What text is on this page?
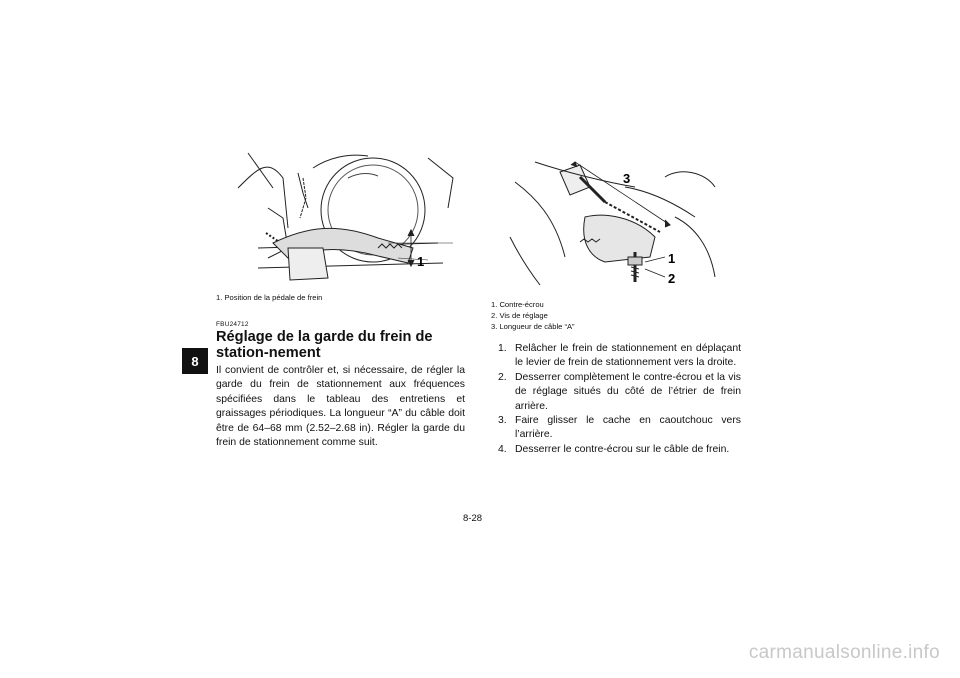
8
1
1. Position de la pédale de frein
3
1
2
1. Contre-écrou
2. Vis de réglage
3. Longueur de câble “A”
FBU24712
Réglage de la garde du frein de station-nement
Il convient de contrôler et, si nécessaire, de régler la garde du frein de stationnement aux fréquences spécifiées dans le tableau des entretiens et graissages périodiques. La longueur “A” du câble doit être de 64–68 mm (2.52–2.68 in). Régler la garde du frein de stationnement comme suit.
1. Relâcher le frein de stationnement en déplaçant le levier de frein de stationnement vers la droite.
2. Desserrer complètement le contre-écrou et la vis de réglage situés du côté de l’étrier de frein arrière.
3. Faire glisser le cache en caoutchouc vers l’arrière.
4. Desserrer le contre-écrou sur le câble de frein.
8-28
carmanualsonline.info
